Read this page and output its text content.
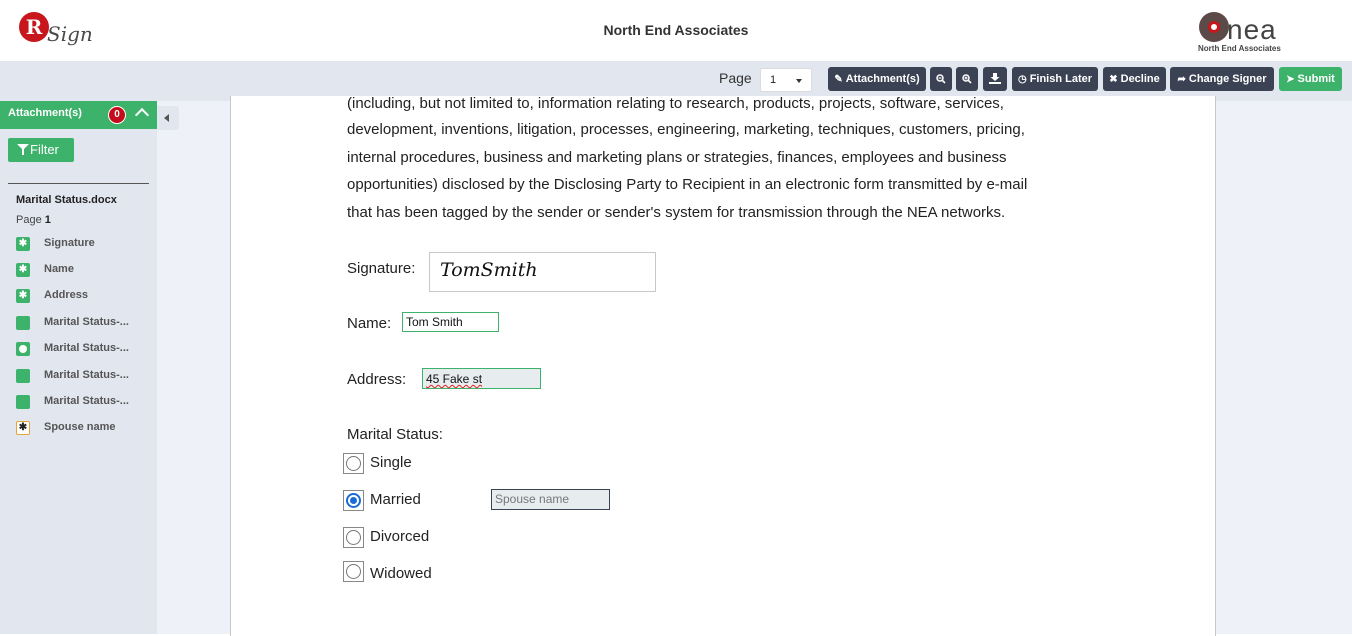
R Sign	North End Associates	nea
North End Associates
Page	1	✎ Attachment(s)	◷ Finish Later	✖ Decline	➦ Change Signer	➤ Submit
(including, but not limited to, information relating to research, products, projects, software, services,
development, inventions, litigation, processes, engineering, marketing, techniques, customers, pricing,
internal procedures, business and marketing plans or strategies, finances, employees and business
opportunities) disclosed by the Disclosing Party to Recipient in an electronic form transmitted by e-mail
that has been tagged by the sender or sender's system for transmission through the NEA networks.
Signature: TomSmith
Name:	Tom Smith
Address:	45 Fake st
Marital Status:
Single
Married	Spouse name
Divorced
Widowed
Attachment(s)	0
Filter
Marital Status.docx
Page 1
✱ Signature
✱ Name
✱ Address
Marital Status-...
Marital Status-...
Marital Status-...
Marital Status-...
✱ Spouse name
